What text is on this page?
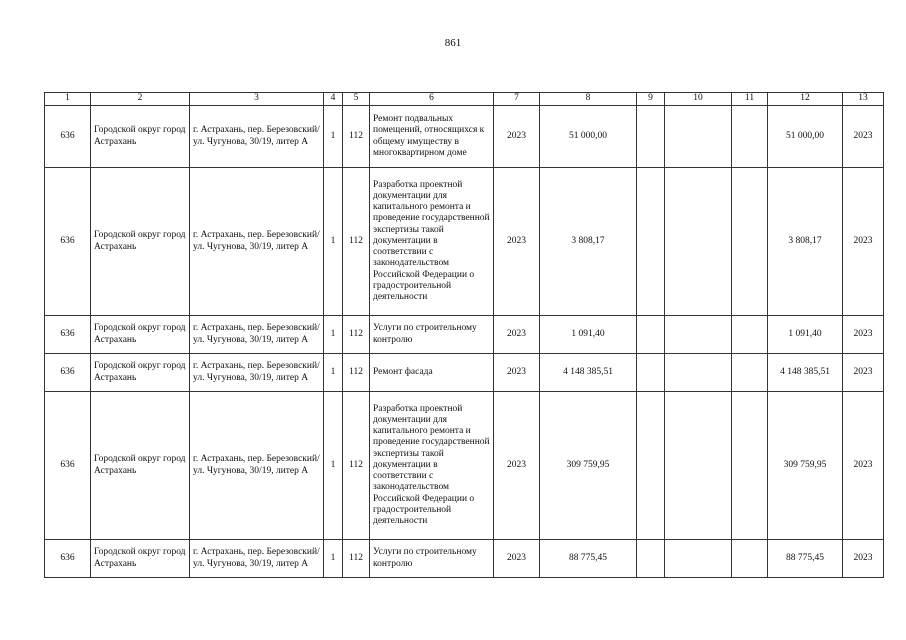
861
1	2	3	4	5	6	7	8	9	10	11	12	13
636	Городской округ город Астрахань	г. Астрахань, пер. Березовский/ ул. Чугунова, 30/19, литер А	1	112	Ремонт подвальных помещений, относящихся к общему имуществу в многоквартирном доме	2023	51 000,00				51 000,00	2023
636	Городской округ город Астрахань	г. Астрахань, пер. Березовский/ ул. Чугунова, 30/19, литер А	1	112	Разработка проектной документации для капитального ремонта и проведение государственной экспертизы такой документации в соответствии с законодательством Российской Федерации о градостроительной деятельности	2023	3 808,17				3 808,17	2023
636	Городской округ город Астрахань	г. Астрахань, пер. Березовский/ ул. Чугунова, 30/19, литер А	1	112	Услуги по строительному контролю	2023	1 091,40				1 091,40	2023
636	Городской округ город Астрахань	г. Астрахань, пер. Березовский/ ул. Чугунова, 30/19, литер А	1	112	Ремонт фасада	2023	4 148 385,51				4 148 385,51	2023
636	Городской округ город Астрахань	г. Астрахань, пер. Березовский/ ул. Чугунова, 30/19, литер А	1	112	Разработка проектной документации для капитального ремонта и проведение государственной экспертизы такой документации в соответствии с законодательством Российской Федерации о градостроительной деятельности	2023	309 759,95				309 759,95	2023
636	Городской округ город Астрахань	г. Астрахань, пер. Березовский/ ул. Чугунова, 30/19, литер А	1	112	Услуги по строительному контролю	2023	88 775,45				88 775,45	2023
